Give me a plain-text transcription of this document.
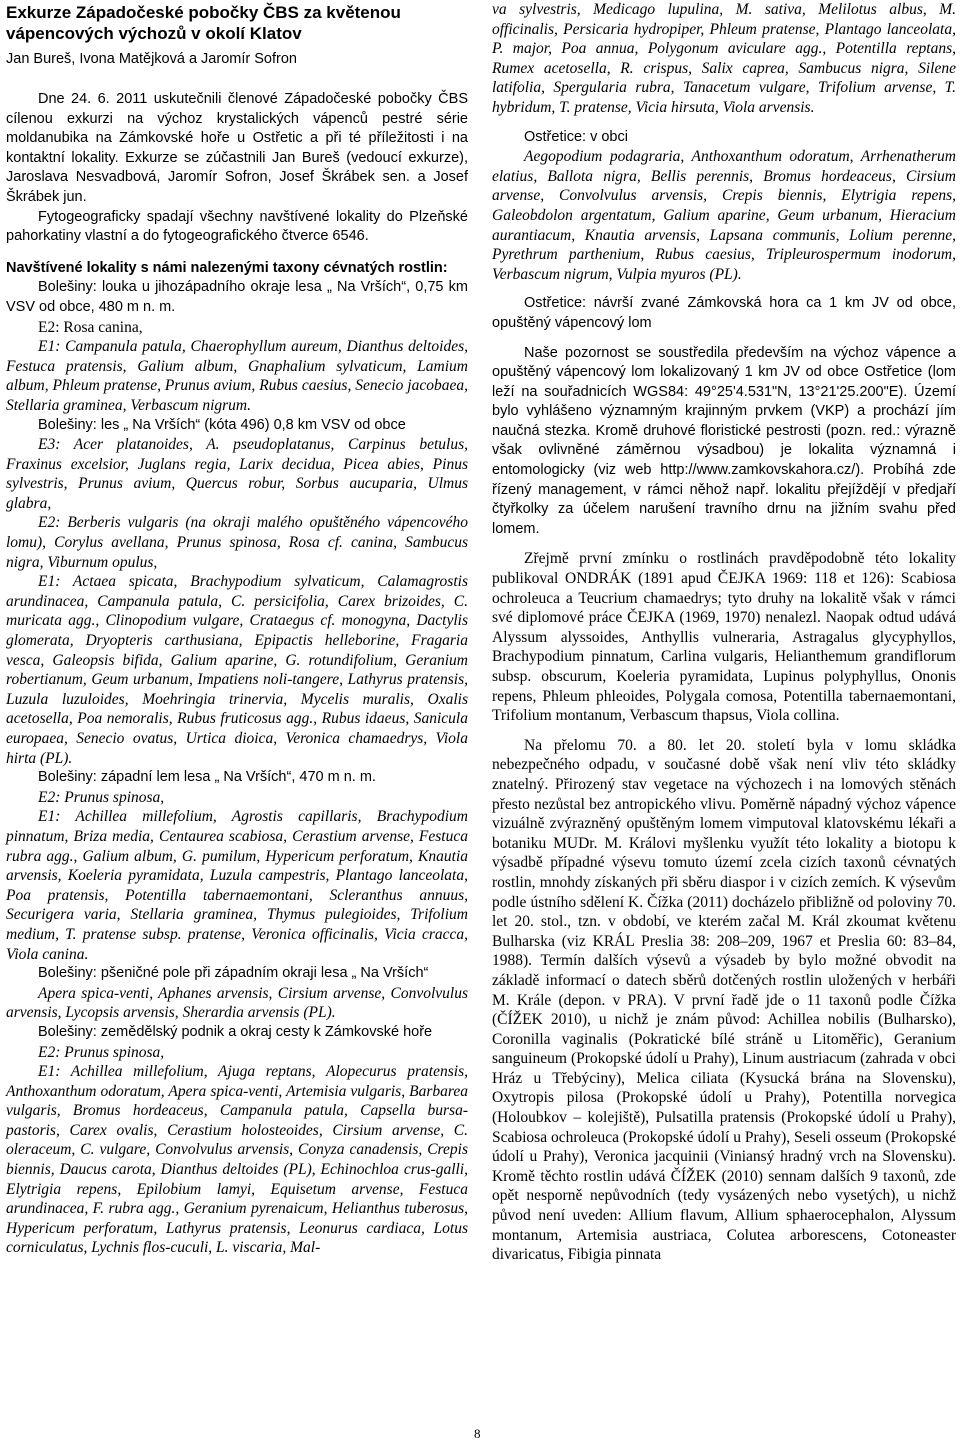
Exkurze Západočeské pobočky ČBS za květenou vápencových výchozů v okolí Klatov
Jan Bureš, Ivona Matějková a Jaromír Sofron

Dne 24. 6. 2011 uskutečnili členové Západočeské pobočky ČBS cílenou exkurzi na výchoz krystalických vápenců pestré série moldanubika na Zámkovské hoře u Ostřetic a při té příležitosti i na kontaktní lokality. Exkurze se zúčastnili Jan Bureš (vedoucí exkurze), Jaroslava Nesvadbová, Jaromír Sofron, Josef Škrábek sen. a Josef Škrábek jun.

Fytogeograficky spadají všechny navštívené lokality do Plzeňské pahorkatiny vlastní a do fytogeografického čtverce 6546.

Navštívené lokality s námi nalezenými taxony cévnatých rostlin:

Bolešiny: louka u jihozápadního okraje lesa „ Na Vrších“, 0,75 km VSV od obce, 480 m n. m.

E2: Rosa canina,

E1: Campanula patula, Chaerophyllum aureum, Dianthus deltoides, Festuca pratensis, Galium album, Gnaphalium sylvaticum, Lamium album, Phleum pratense, Prunus avium, Rubus caesius, Senecio jacobaea, Stellaria graminea, Verbascum nigrum.

Bolešiny: les „ Na Vrších“ (kóta 496) 0,8 km VSV od obce

E3: Acer platanoides, A. pseudoplatanus, Carpinus betulus, Fraxinus excelsior, Juglans regia, Larix decidua, Picea abies, Pinus sylvestris, Prunus avium, Quercus robur, Sorbus aucuparia, Ulmus glabra,

E2: Berberis vulgaris (na okraji malého opuštěného vápencového lomu), Corylus avellana, Prunus spinosa, Rosa cf. canina, Sambucus nigra, Viburnum opulus,

E1: Actaea spicata, Brachypodium sylvaticum, Calamagrostis arundinacea, Campanula patula, C. persicifolia, Carex brizoides, C. muricata agg., Clinopodium vulgare, Crataegus cf. monogyna, Dactylis glomerata, Dryopteris carthusiana, Epipactis helleborine, Fragaria vesca, Galeopsis bifida, Galium aparine, G. rotundifolium, Geranium robertianum, Geum urbanum, Impatiens noli-tangere, Lathyrus pratensis, Luzula luzuloides, Moehringia trinervia, Mycelis muralis, Oxalis acetosella, Poa nemoralis, Rubus fruticosus agg., Rubus idaeus, Sanicula europaea, Senecio ovatus, Urtica dioica, Veronica chamaedrys, Viola hirta (PL).

Bolešiny: západní lem lesa „ Na Vrších“, 470 m n. m.

E2: Prunus spinosa,

E1: Achillea millefolium, Agrostis capillaris, Brachypodium pinnatum, Briza media, Centaurea scabiosa, Cerastium arvense, Festuca rubra agg., Galium album, G. pumilum, Hypericum perforatum, Knautia arvensis, Koeleria pyramidata, Luzula campestris, Plantago lanceolata, Poa pratensis, Potentilla tabernaemontani, Scleranthus annuus, Securigera varia, Stellaria graminea, Thymus pulegioides, Trifolium medium, T. pratense subsp. pratense, Veronica officinalis, Vicia cracca, Viola canina.

Bolešiny: pšeničné pole při západním okraji lesa „ Na Vrších“

Apera spica-venti, Aphanes arvensis, Cirsium arvense, Convolvulus arvensis, Lycopsis arvensis, Sherardia arvensis (PL).

Bolešiny: zemědělský podnik a okraj cesty k Zámkovské hoře

E2: Prunus spinosa,

E1: Achillea millefolium, Ajuga reptans, Alopecurus pratensis, Anthoxanthum odoratum, Apera spica-venti, Artemisia vulgaris, Barbarea vulgaris, Bromus hordeaceus, Campanula patula, Capsella bursa-pastoris, Carex ovalis, Cerastium holosteoides, Cirsium arvense, C. oleraceum, C. vulgare, Convolvulus arvensis, Conyza canadensis, Crepis biennis, Daucus carota, Dianthus deltoides (PL), Echinochloa crus-galli, Elytrigia repens, Epilobium lamyi, Equisetum arvense, Festuca arundinacea, F. rubra agg., Geranium pyrenaicum, Helianthus tuberosus, Hypericum perforatum, Lathyrus pratensis, Leonurus cardiaca, Lotus corniculatus, Lychnis flos-cuculi, L. viscaria, Mal-

va sylvestris, Medicago lupulina, M. sativa, Melilotus albus, M. officinalis, Persicaria hydropiper, Phleum pratense, Plantago lanceolata, P. major, Poa annua, Polygonum aviculare agg., Potentilla reptans, Rumex acetosella, R. crispus, Salix caprea, Sambucus nigra, Silene latifolia, Spergularia rubra, Tanacetum vulgare, Trifolium arvense, T. hybridum, T. pratense, Vicia hirsuta, Viola arvensis.

Ostřetice: v obci

Aegopodium podagraria, Anthoxanthum odoratum, Arrhenatherum elatius, Ballota nigra, Bellis perennis, Bromus hordeaceus, Cirsium arvense, Convolvulus arvensis, Crepis biennis, Elytrigia repens, Galeobdolon argentatum, Galium aparine, Geum urbanum, Hieracium aurantiacum, Knautia arvensis, Lapsana communis, Lolium perenne, Pyrethrum parthenium, Rubus caesius, Tripleurospermum inodorum, Verbascum nigrum, Vulpia myuros (PL).

Ostřetice: návrší zvané Zámkovská hora ca 1 km JV od obce, opuštěný vápencový lom

Naše pozornost se soustředila především na výchoz vápence a opuštěný vápencový lom lokalizovaný 1 km JV od obce Ostřetice (lom leží na souřadnicích WGS84: 49°25'4.531"N, 13°21'25.200"E). Území bylo vyhlášeno významným krajinným prvkem (VKP) a prochází jím naučná stezka. Kromě druhové floristické pestrosti (pozn. red.: výrazně však ovlivněné záměrnou výsadbou) je lokalita významná i entomologicky (viz web http://www.zamkovskahora.cz/). Probíhá zde řízený management, v rámci něhož např. lokalitu přejíždějí v předjaří čtyřkolky za účelem narušení travního drnu na jižním svahu před lomem.

Zřejmě první zmínku o rostlinách pravděpodobně této lokality publikoval ONDRÁK (1891 apud ČEJKA 1969: 118 et 126): Scabiosa ochroleuca a Teucrium chamaedrys; tyto druhy na lokalitě však v rámci své diplomové práce ČEJKA (1969, 1970) nenalezl. Naopak odtud udává Alyssum alyssoides, Anthyllis vulneraria, Astragalus glycyphyllos, Brachypodium pinnatum, Carlina vulgaris, Helianthemum grandiflorum subsp. obscurum, Koeleria pyramidata, Lupinus polyphyllus, Ononis repens, Phleum phleoides, Polygala comosa, Potentilla tabernaemontani, Trifolium montanum, Verbascum thapsus, Viola collina.

Na přelomu 70. a 80. let 20. století byla v lomu skládka nebezpečného odpadu, v současné době však není vliv této skládky znatelný. Přirozený stav vegetace na výchozech i na lomových stěnách přesto nezůstal bez antropického vlivu. Poměrně nápadný výchoz vápence vizuálně zvýrazněný opuštěným lomem vimputoval klatovskému lékaři a botaniku MUDr. M. Královi myšlenku využít této lokality a biotopu k výsadbě případné výsevu tomuto území zcela cizích taxonů cévnatých rostlin, mnohdy získaných při sběru diaspor i v cizích zemích. K výsevům podle ústního sdělení K. Čížka (2011) docházelo přibližně od poloviny 70. let 20. stol., tzn. v období, ve kterém začal M. Král zkoumat květenu Bulharska (viz KRÁL Preslia 38: 208–209, 1967 et Preslia 60: 83–84, 1988). Termín dalších výsevů a výsadeb by bylo možné obvodit na základě informací o datech sběrů dotčených rostlin uložených v herbáři M. Krále (depon. v PRA). V první řadě jde o 11 taxonů podle Čížka (ČÍŽEK 2010), u nichž je znám původ: Achillea nobilis (Bulharsko), Coronilla vaginalis (Pokratické bílé stráně u Litoměřic), Geranium sanguineum (Prokopské údolí u Prahy), Linum austriacum (zahrada v obci Hráz u Třebýciny), Melica ciliata (Kysucká brána na Slovensku), Oxytropis pilosa (Prokopské údolí u Prahy), Potentilla norvegica (Holoubkov – kolejiště), Pulsatilla pratensis (Prokopské údolí u Prahy), Scabiosa ochroleuca (Prokopské údolí u Prahy), Seseli osseum (Prokopské údolí u Prahy), Veronica jacquinii (Viniansý hradný vrch na Slovensku). Kromě těchto rostlin udává ČÍŽEK (2010) sennam dalších 9 taxonů, zde opět nesporně nepůvodních (tedy vysázených nebo vysetých), u nichž původ není uveden: Allium flavum, Allium sphaerocephalon, Alyssum montanum, Artemisia austriaca, Colutea arborescens, Cotoneaster divaricatus, Fibigia pinnata

8
